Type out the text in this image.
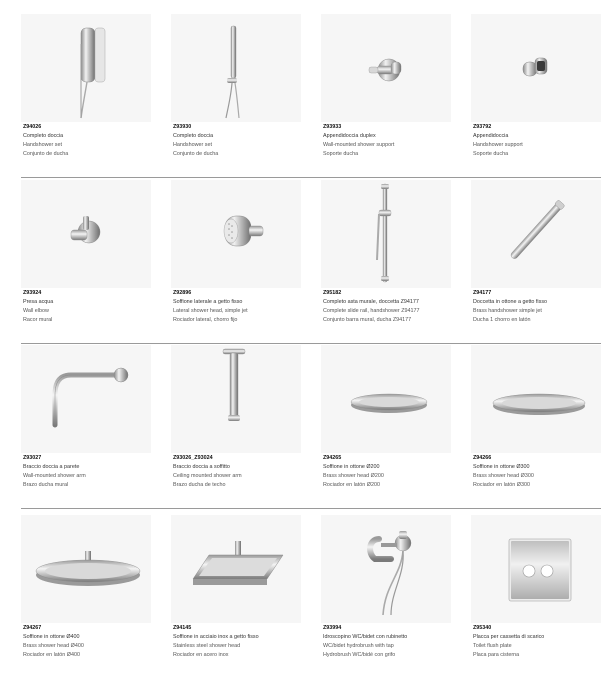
Z94026
Completo doccia
Handshower set
Conjunto de ducha
Z93930
Completo doccia
Handshower set
Conjunto de ducha
Z93933
Appendidoccia duplex
Wall-mounted shower support
Soporte ducha
Z93792
Appendidoccia
Handshower support
Soporte ducha
Z93924
Presa acqua
Wall elbow
Racor mural
Z92896
Soffione laterale a getto fisso
Lateral shower head, simple jet
Rociador lateral, chorro fijo
Z95182
Completo asta murale, doccetta Z94177
Complete slide rail, handshower Z94177
Conjunto barra mural, ducha Z94177
Z94177
Doccetta in ottone a getto fisso
Brass handshower simple jet
Ducha 1 chorro en latón
Z93027
Braccio doccia a parete
Wall-mounted shower arm
Brazo ducha mural
Z93026_Z93024
Braccio doccia a soffitto
Ceiling mounted shower arm
Brazo ducha de techo
Z94265
Soffione in ottone Ø200
Brass shower head Ø200
Rociador en latón Ø200
Z94266
Soffione in ottone Ø300
Brass shower head Ø300
Rociador en latón Ø300
Z94267
Soffione in ottone Ø400
Brass shower head Ø400
Rociador en latón Ø400
Z94145
Soffione in acciaio inox a getto fisso
Stainless steel shower head
Rociador en acero inox
Z93994
Idroscopino WC/bidet con rubinetto
WC/bidet hydrobrush with tap
Hydrobrush WC/bidé con grifo
Z95340
Placca per cassetta di scarico
Toilet flush plate
Placa para cisterna
